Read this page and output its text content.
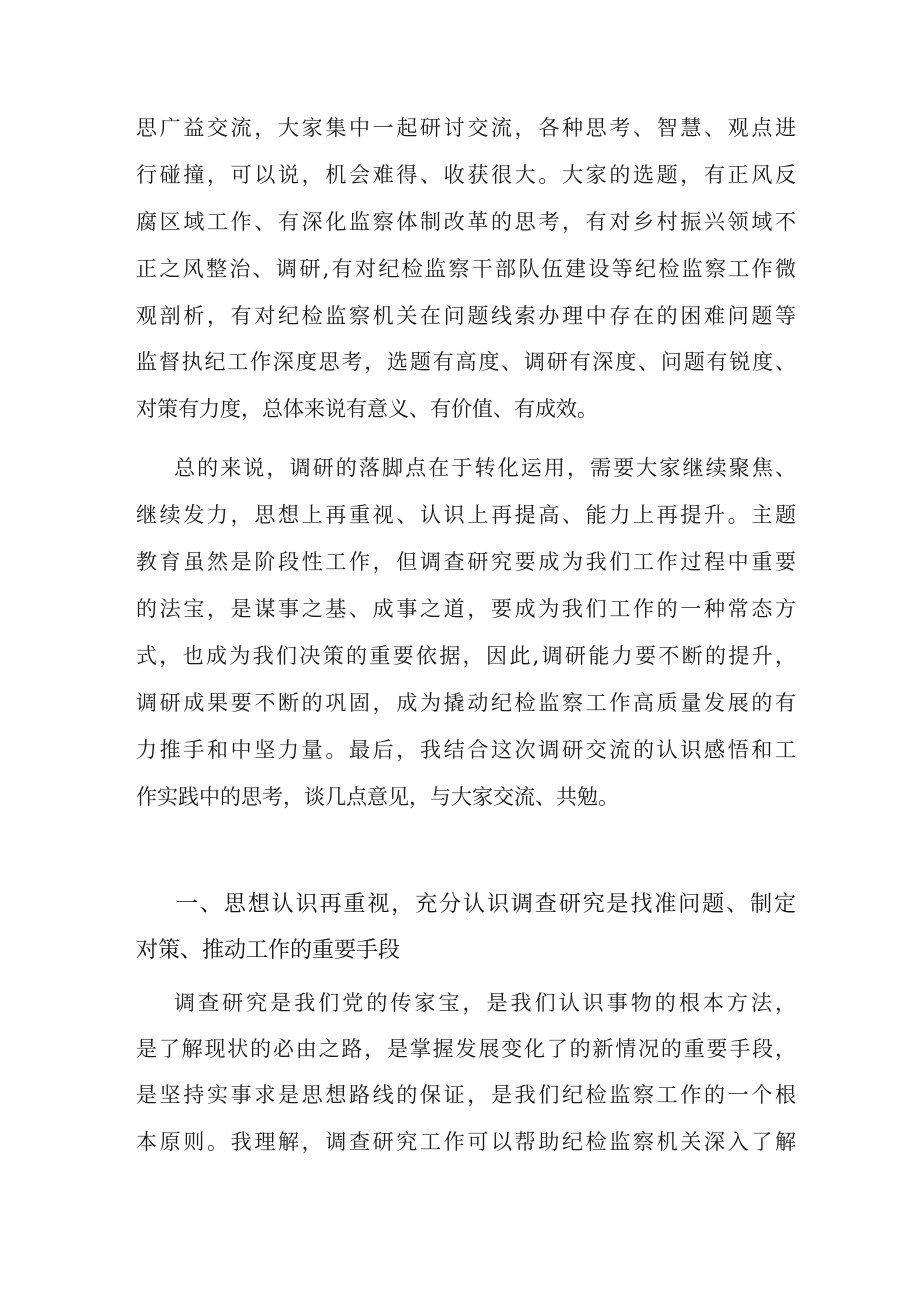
思广益交流，大家集中一起研讨交流，各种思考、智慧、观点进

行碰撞，可以说，机会难得、收获很大。大家的选题，有正风反

腐区域工作、有深化监察体制改革的思考，有对乡村振兴领域不

正之风整治、调研,有对纪检监察干部队伍建设等纪检监察工作微

观剖析，有对纪检监察机关在问题线索办理中存在的困难问题等

监督执纪工作深度思考，选题有高度、调研有深度、问题有锐度、

对策有力度，总体来说有意义、有价值、有成效。

总的来说，调研的落脚点在于转化运用，需要大家继续聚焦、

继续发力，思想上再重视、认识上再提高、能力上再提升。主题

教育虽然是阶段性工作，但调查研究要成为我们工作过程中重要

的法宝，是谋事之基、成事之道，要成为我们工作的一种常态方

式，也成为我们决策的重要依据，因此,调研能力要不断的提升，

调研成果要不断的巩固，成为撬动纪检监察工作高质量发展的有

力推手和中坚力量。最后，我结合这次调研交流的认识感悟和工

作实践中的思考，谈几点意见，与大家交流、共勉。

一、思想认识再重视，充分认识调查研究是找准问题、制定

对策、推动工作的重要手段

调查研究是我们党的传家宝，是我们认识事物的根本方法，

是了解现状的必由之路，是掌握发展变化了的新情况的重要手段，

是坚持实事求是思想路线的保证，是我们纪检监察工作的一个根

本原则。我理解，调查研究工作可以帮助纪检监察机关深入了解
